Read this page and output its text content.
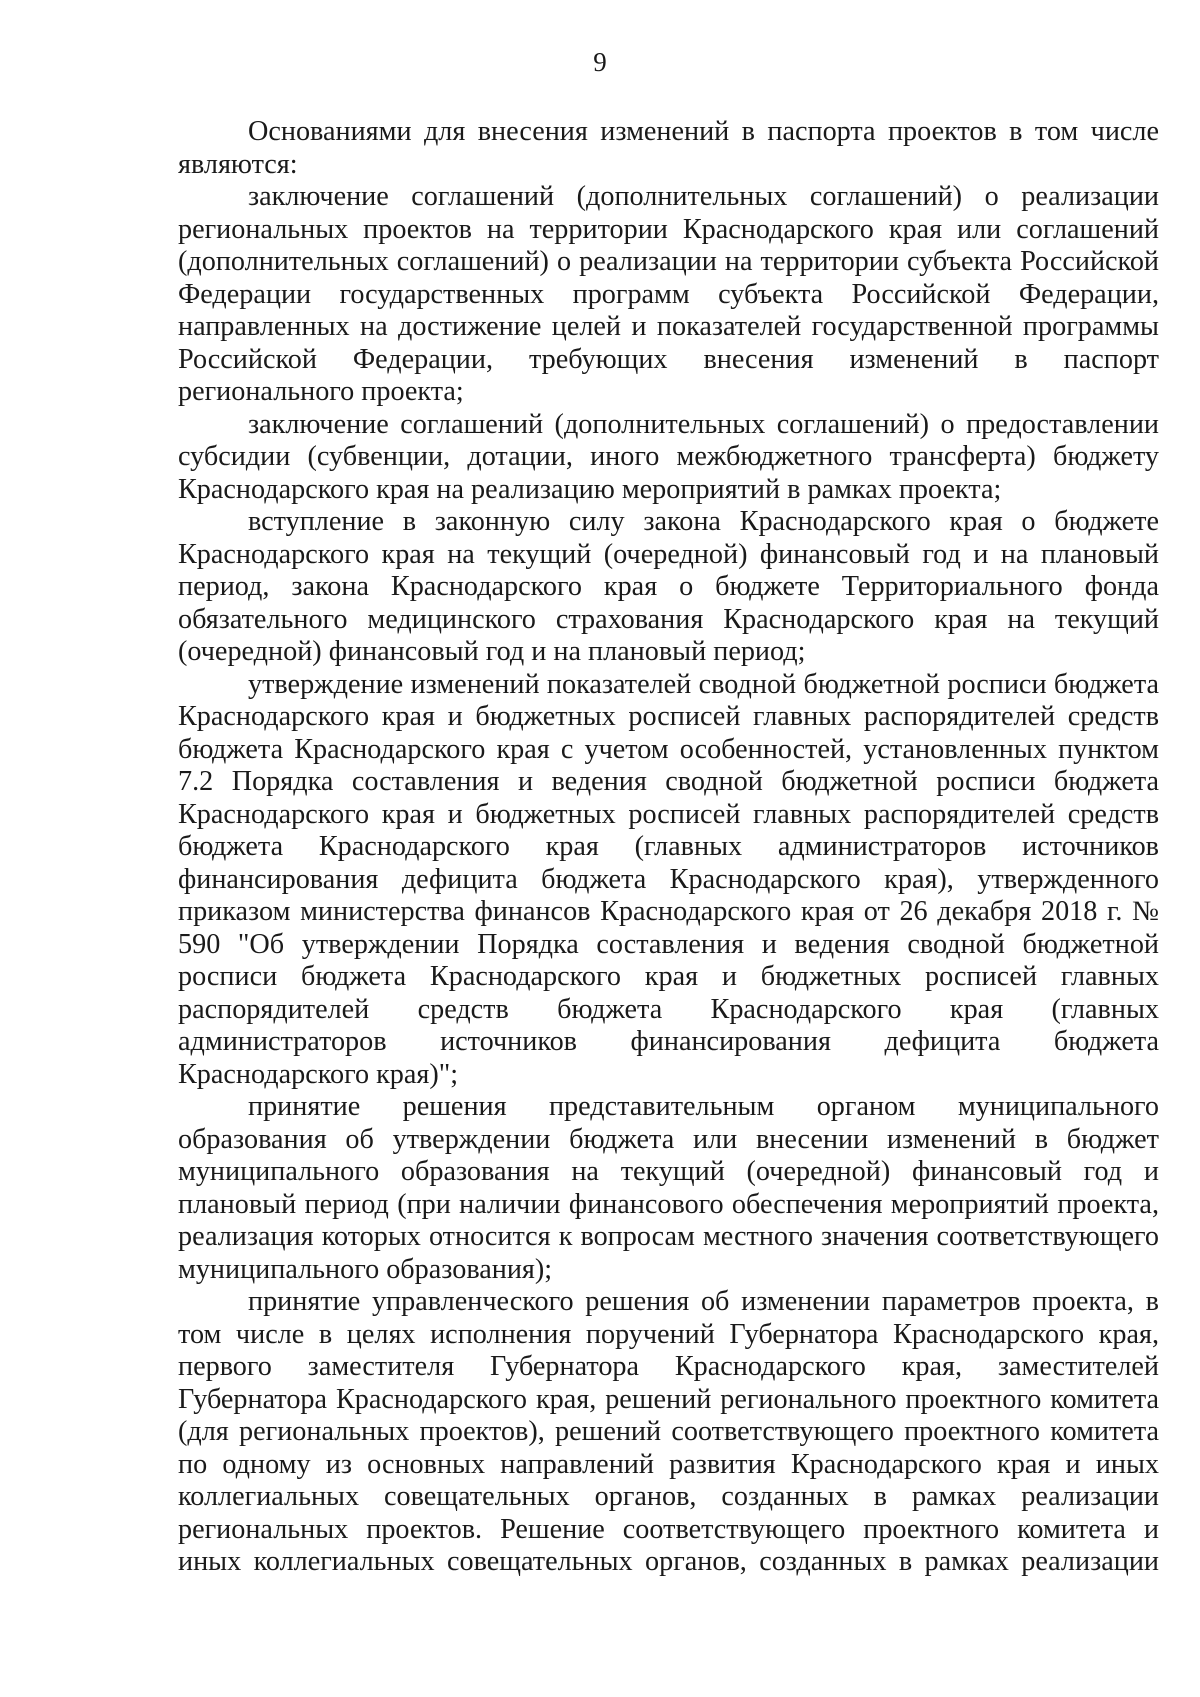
9

Основаниями для внесения изменений в паспорта проектов в том числе являются:

заключение соглашений (дополнительных соглашений) о реализации региональных проектов на территории Краснодарского края или соглашений (дополнительных соглашений) о реализации на территории субъекта Российской Федерации государственных программ субъекта Российской Федерации, направленных на достижение целей и показателей государственной программы Российской Федерации, требующих внесения изменений в паспорт регионального проекта;

заключение соглашений (дополнительных соглашений) о предоставлении субсидии (субвенции, дотации, иного межбюджетного трансферта) бюджету Краснодарского края на реализацию мероприятий в рамках проекта;

вступление в законную силу закона Краснодарского края о бюджете Краснодарского края на текущий (очередной) финансовый год и на плановый период, закона Краснодарского края о бюджете Территориального фонда обязательного медицинского страхования Краснодарского края на текущий (очередной) финансовый год и на плановый период;

утверждение изменений показателей сводной бюджетной росписи бюджета Краснодарского края и бюджетных росписей главных распорядителей средств бюджета Краснодарского края с учетом особенностей, установленных пунктом 7.2 Порядка составления и ведения сводной бюджетной росписи бюджета Краснодарского края и бюджетных росписей главных распорядителей средств бюджета Краснодарского края (главных администраторов источников финансирования дефицита бюджета Краснодарского края), утвержденного приказом министерства финансов Краснодарского края от 26 декабря 2018 г. № 590 "Об утверждении Порядка составления и ведения сводной бюджетной росписи бюджета Краснодарского края и бюджетных росписей главных распорядителей средств бюджета Краснодарского края (главных администраторов источников финансирования дефицита бюджета Краснодарского края)";

принятие решения представительным органом муниципального образования об утверждении бюджета или внесении изменений в бюджет муниципального образования на текущий (очередной) финансовый год и плановый период (при наличии финансового обеспечения мероприятий проекта, реализация которых относится к вопросам местного значения соответствующего муниципального образования);

принятие управленческого решения об изменении параметров проекта, в том числе в целях исполнения поручений Губернатора Краснодарского края, первого заместителя Губернатора Краснодарского края, заместителей Губернатора Краснодарского края, решений регионального проектного комитета (для региональных проектов), решений соответствующего проектного комитета по одному из основных направлений развития Краснодарского края и иных коллегиальных совещательных органов, созданных в рамках реализации региональных проектов. Решение соответствующего проектного комитета и иных коллегиальных совещательных органов, созданных в рамках реализации
